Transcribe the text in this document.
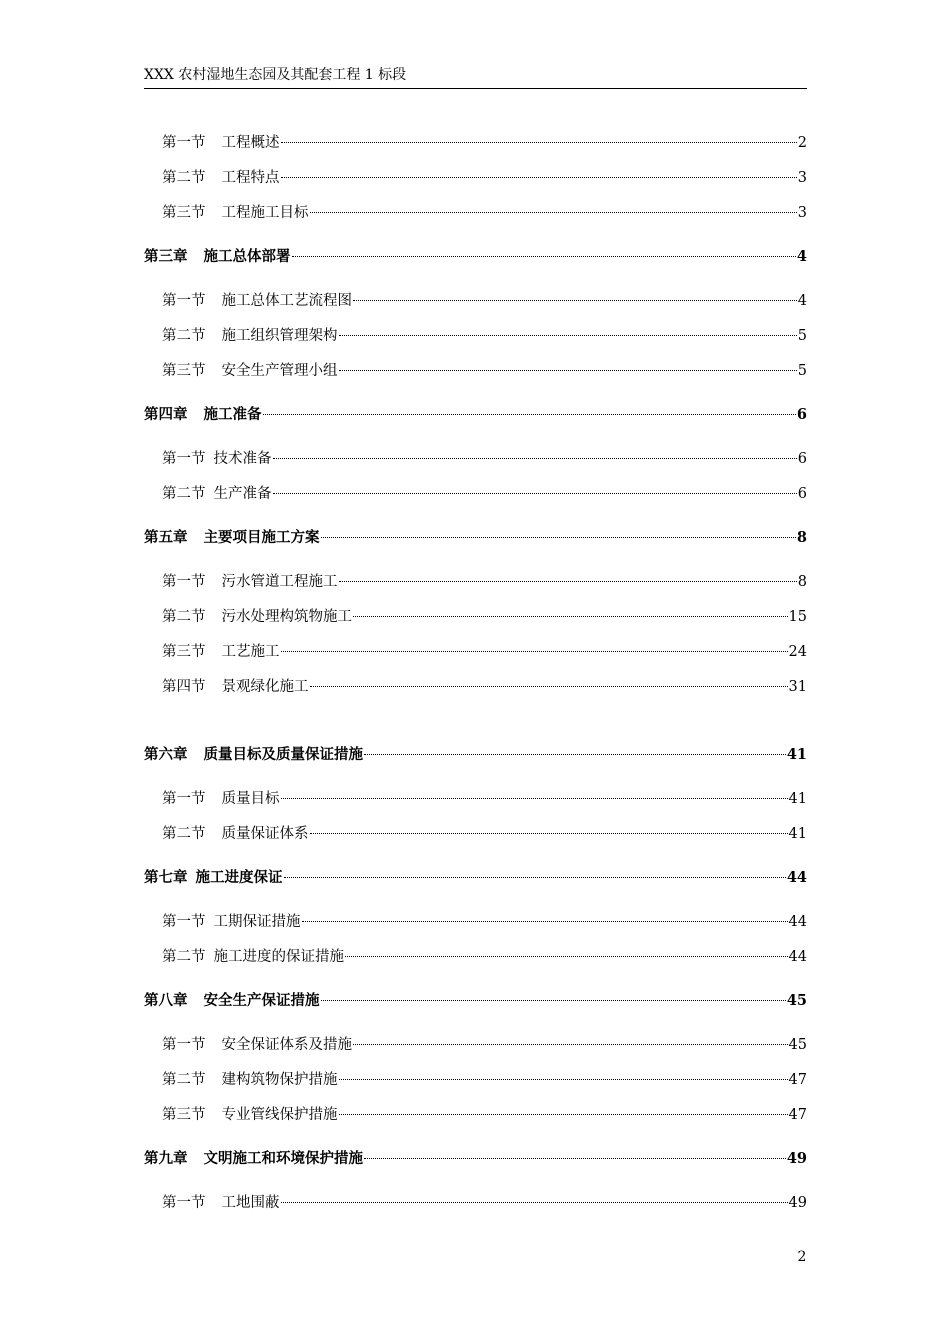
XXX 农村湿地生态园及其配套工程 1 标段
第一节 工程概述	2
第二节 工程特点	3
第三节 工程施工目标	3
第三章 施工总体部署	4
第一节 施工总体工艺流程图	4
第二节 施工组织管理架构	5
第三节 安全生产管理小组	5
第四章 施工准备	6
第一节 技术准备	6
第二节 生产准备	6
第五章 主要项目施工方案	8
第一节 污水管道工程施工	8
第二节 污水处理构筑物施工	15
第三节 工艺施工	24
第四节 景观绿化施工	31
第六章 质量目标及质量保证措施	41
第一节 质量目标	41
第二节 质量保证体系	41
第七章 施工进度保证	44
第一节 工期保证措施	44
第二节 施工进度的保证措施	44
第八章 安全生产保证措施	45
第一节 安全保证体系及措施	45
第二节 建构筑物保护措施	47
第三节 专业管线保护措施	47
第九章 文明施工和环境保护措施	49
第一节 工地围蔽	49
2
